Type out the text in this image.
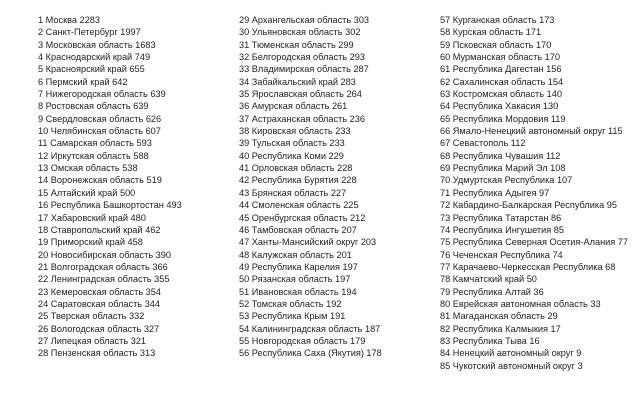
1 Москва 2283
2 Санкт-Петербург 1997
3 Московская область 1683
4 Краснодарский край 749
5 Красноярский край 655
6 Пермский край 642
7 Нижегородская область 639
8 Ростовская область 639
9 Свердловская область 626
10 Челябинская область 607
11 Самарская область 593
12 Иркутская область 588
13 Омская область 538
14 Воронежская область 519
15 Алтайский край 500
16 Республика Башкортостан 493
17 Хабаровский край 480
18 Ставропольский край 462
19 Приморский край 458
20 Новосибирская область 390
21 Волгоградская область 366
22 Ленинградская область 355
23 Кемеровская область 354
24 Саратовская область 344
25 Тверская область 332
26 Вологодская область 327
27 Липецкая область 321
28 Пензенская область 313
29 Архангельская область 303
30 Ульяновская область 302
31 Тюменская область 299
32 Белгородская область 293
33 Владимирская область 287
34 Забайкальский край 283
35 Ярославская область 264
36 Амурская область 261
37 Астраханская область 236
38 Кировская область 233
39 Тульская область 233
40 Республика Коми 229
41 Орловская область 228
42 Республика Бурятия 228
43 Брянская область 227
44 Смоленская область 225
45 Оренбургская область 212
46 Тамбовская область 207
47 Ханты-Мансийский округ 203
48 Калужская область 201
49 Республика Карелия 197
50 Рязанская область 197
51 Ивановская область 194
52 Томская область 192
53 Республика Крым 191
54 Калининградская область 187
55 Новгородская область 179
56 Республика Саха (Якутия) 178
57 Курганская область 173
58 Курская область 171
59 Псковская область 170
60 Мурманская область 170
61 Республика Дагестан 156
62 Сахалинская область 154
63 Костромская область 140
64 Республика Хакасия 130
65 Республика Мордовия 119
66 Ямало-Ненецкий автономный округ 115
67 Севастополь 112
68 Республика Чувашия 112
69 Республика Марий Эл 108
70 Удмуртская Республика 107
71 Республика Адыгея 97
72 Кабардино-Балкарская Республика 95
73 Республика Татарстан 86
74 Республика Ингушетия 85
75 Республика Северная Осетия-Алания 77
76 Чеченская Республика 74
77 Карачаево-Черкесская Республика 68
78 Камчатский край 50
79 Республика Алтай 36
80 Еврейская автономная область 33
81 Магаданская область 29
82 Республика Калмыкия 17
83 Республика Тыва 16
84 Ненецкий автономный округ 9
85 Чукотский автономный округ 3
